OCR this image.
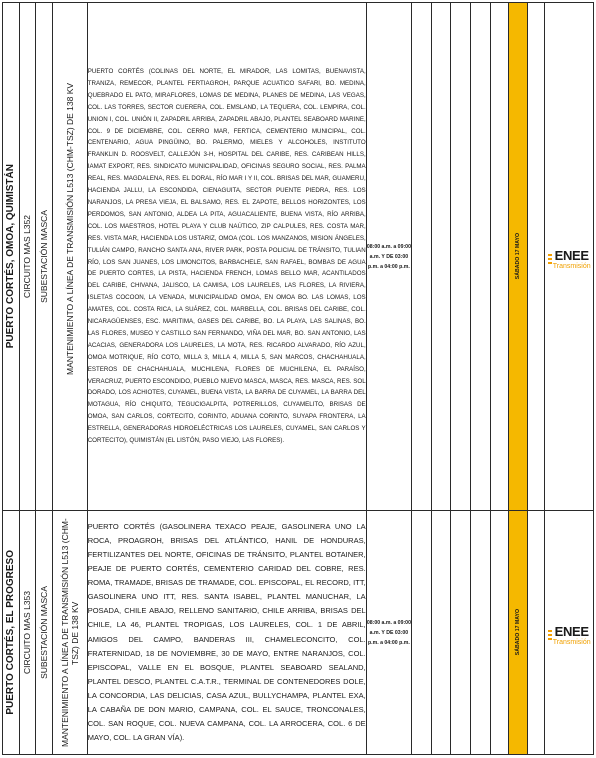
PUERTO CORTÉS, OMOA, QUIMISTÁN	CIRCUITO MAS L352	SUBESTACIÓN MASCA	MANTENIMIENTO A LÍNEA DE TRANSMISIÓN L513 (CHM-TSZ) DE 138 KV	PUERTO CORTÉS (COLINAS DEL NORTE, EL MIRADOR, LAS LOMITAS, BUENAVISTA, TRANIZA, REMECOR, PLANTEL FERTIAGROH, PARQUE ACUATICO SAFARI, BO. MEDINA, QUEBRADO EL PATO, MIRAFLORES, LOMAS DE MEDINA, PLANES DE MEDINA, LAS VEGAS, COL. LAS TORRES, SECTOR CUERERA, COL. EMSLAND, LA TEQUERA, COL. LEMPIRA, COL. UNION I, COL. UNIÓN II, ZAPADRIL ARRIBA, ZAPADRIL ABAJO, PLANTEL SEABOARD MARINE, COL. 9 DE DICIEMBRE, COL. CERRO MAR, FERTICA, CEMENTERIO MUNICIPAL, COL. CENTENARIO, AGUA PINGÜINO, BO. PALERMO, MIELES Y ALCOHOLES, INSTITUTO FRANKLIN D. ROOSVELT, CALLEJÓN 3-H, HOSPITAL DEL CARIBE, RES. CARIBEAN HILLS, IAMAT EXPORT, RES. SINDICATO MUNICIPALIDAD, OFICINAS SEGURO SOCIAL, RES. PALMA REAL, RES. MAGDALENA, RES. EL DORAL, RÍO MAR I Y II, COL. BRISAS DEL MAR, GUAMERU, HACIENDA JALLU, LA ESCONDIDA, CIENAGUITA, SECTOR PUENTE PIEDRA, RES. LOS NARANJOS, LA PRESA VIEJA, EL BALSAMO, RES. EL ZAPOTE, BELLOS HORIZONTES, LOS PERDOMOS, SAN ANTONIO, ALDEA LA PITA, AGUACALIENTE, BUENA VISTA, RÍO ARRIBA, COL. LOS MAESTROS, HOTEL PLAYA Y CLUB NAÚTICO, ZIP CALPULES, RES. COSTA MAR, RES. VISTA MAR, HACIENDA LOS USTARIZ, OMOA (COL. LOS MANZANOS, MISION ÁNGELES, TULIÁN CAMPO, RANCHO SANTA ANA, RIVER PARK, POSTA POLICIAL DE TRÁNSITO, TULIAN RÍO, LOS SAN JUANES, LOS LIMONCITOS, BARBACHELE, SAN RAFAEL, BOMBAS DE AGUA DE PUERTO CORTES, LA PISTA, HACIENDA FRENCH, LOMAS BELLO MAR, ACANTILADOS DEL CARIBE, CHIVANA, JALISCO, LA CAMISA, LOS LAURELES, LAS FLORES, LA RIVIERA, ISLETAS COCOON, LA VENADA, MUNICIPALIDAD OMOA, EN OMOA BO. LAS LOMAS, LOS AMATES, COL. COSTA RICA, LA SUÁREZ, COL. MARBELLA, COL. BRISAS DEL CARIBE, COL. NICARAGÜENSES, ESC. MARITIMA, GASES DEL CARIBE, BO. LA PLAYA, LAS SALINAS, BO. LAS FLORES, MUSEO Y CASTILLO SAN FERNANDO, VIÑA DEL MAR, BO. SAN ANTONIO, LAS ACACIAS, GENERADORA LOS LAURELES, LA MOTA, RES. RICARDO ALVARADO, RÍO AZUL, OMOA MOTRIQUE, RÍO COTO, MILLA 3, MILLA 4, MILLA 5, SAN MARCOS, CHACHAHUALA, ESTEROS DE CHACHAHUALA, MUCHILENA, FLORES DE MUCHILENA, EL PARAÍSO, VERACRUZ, PUERTO ESCONDIDO, PUEBLO NUEVO MASCA, MASCA, RES. MASCA, RES. SOL DORADO, LOS ACHIOTES, CUYAMEL, BUENA VISTA, LA BARRA DE CUYAMEL, LA BARRA DEL MOTAGUA, RÍO CHIQUITO, TEGUCIGALPITA, POTRERILLOS, CUYAMELITO, BRISAS DE OMOA, SAN CARLOS, CORTECITO, CORINTO, ADUANA CORINTO, SUYAPA FRONTERA, LA ESTRELLA, GENERADORAS HIDROELÉCTRICAS LOS LAURELES, CUYAMEL, SAN CARLOS Y CORTECITO), QUIMISTÁN (EL LISTÓN, PASO VIEJO, LAS FLORES).	08:00 a.m. a 09:00 a.m. Y DE 03:00 p.m. a 04:00 p.m.						SÁBADO 17 MAYO		ENEE
Transmisión

PUERTO CORTÉS, EL PROGRESO	CIRCUITO MAS L353	SUBESTACIÓN MASCA	MANTENIMIENTO A LÍNEA DE TRANSMISIÓN L513 (CHM-TSZ) DE 138 KV	PUERTO CORTÉS (GASOLINERA TEXACO PEAJE, GASOLINERA UNO LA ROCA, PROAGROH, BRISAS DEL ATLÁNTICO, HANIL DE HONDURAS, FERTILIZANTES DEL NORTE, OFICINAS DE TRÁNSITO, PLANTEL BOTAINER, PEAJE DE PUERTO CORTÉS, CEMENTERIO CARIDAD DEL COBRE, RES. ROMA, TRAMADE, BRISAS DE TRAMADE, COL. EPISCOPAL, EL RECORD, ITT, GASOLINERA UNO ITT, RES. SANTA ISABEL, PLANTEL MANUCHAR, LA POSADA, CHILE ABAJO, RELLENO SANITARIO, CHILE ARRIBA, BRISAS DEL CHILE, LA 46, PLANTEL TROPIGAS, LOS LAURELES, COL. 1 DE ABRIL, AMIGOS DEL CAMPO, BANDERAS III, CHAMELECONCITO, COL. FRATERNIDAD, 18 DE NOVIEMBRE, 30 DE MAYO, ENTRE NARANJOS, COL. EPISCOPAL, VALLE EN EL BOSQUE, PLANTEL SEABOARD SEALAND, PLANTEL DESCO, PLANTEL C.A.T.R., TERMINAL DE CONTENEDORES DOLE, LA CONCORDIA, LAS DELICIAS, CASA AZUL, BULLYCHAMPA, PLANTEL EXA, LA CABAÑA DE DON MARIO, CAMPANA, COL. EL SAUCE, TRONCONALES, COL. SAN ROQUE, COL. NUEVA CAMPANA, COL. LA ARROCERA, COL. 6 DE MAYO, COL. LA GRAN VÍA).	08:00 a.m. a 09:00 a.m. Y DE 03:00 p.m. a 04:00 p.m.						SÁBADO 17 MAYO		ENEE
Transmisión
